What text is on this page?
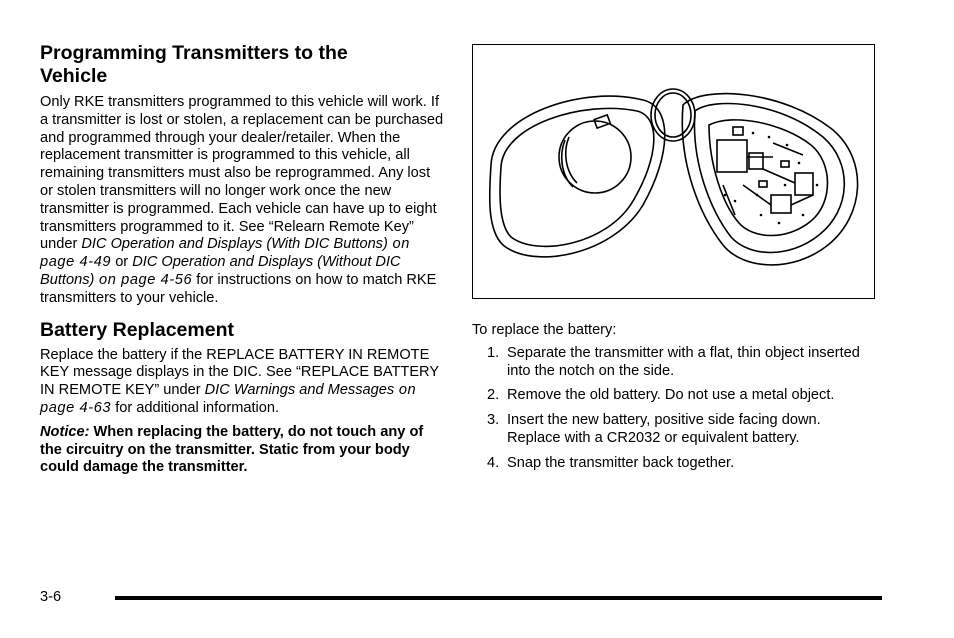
Programming Transmitters to the Vehicle

Only RKE transmitters programmed to this vehicle will work. If a transmitter is lost or stolen, a replacement can be purchased and programmed through your dealer/retailer. When the replacement transmitter is programmed to this vehicle, all remaining transmitters must also be reprogrammed. Any lost or stolen transmitters will no longer work once the new transmitter is programmed. Each vehicle can have up to eight transmitters programmed to it. See “Relearn Remote Key” under DIC Operation and Displays (With DIC Buttons) on page 4-49 or DIC Operation and Displays (Without DIC Buttons) on page 4-56 for instructions on how to match RKE transmitters to your vehicle.

Battery Replacement

Replace the battery if the REPLACE BATTERY IN REMOTE KEY message displays in the DIC. See “REPLACE BATTERY IN REMOTE KEY” under DIC Warnings and Messages on page 4-63 for additional information.

Notice: When replacing the battery, do not touch any of the circuitry on the transmitter. Static from your body could damage the transmitter.

To replace the battery:

1. Separate the transmitter with a flat, thin object inserted into the notch on the side.
2. Remove the old battery. Do not use a metal object.
3. Insert the new battery, positive side facing down. Replace with a CR2032 or equivalent battery.
4. Snap the transmitter back together.
3-6
